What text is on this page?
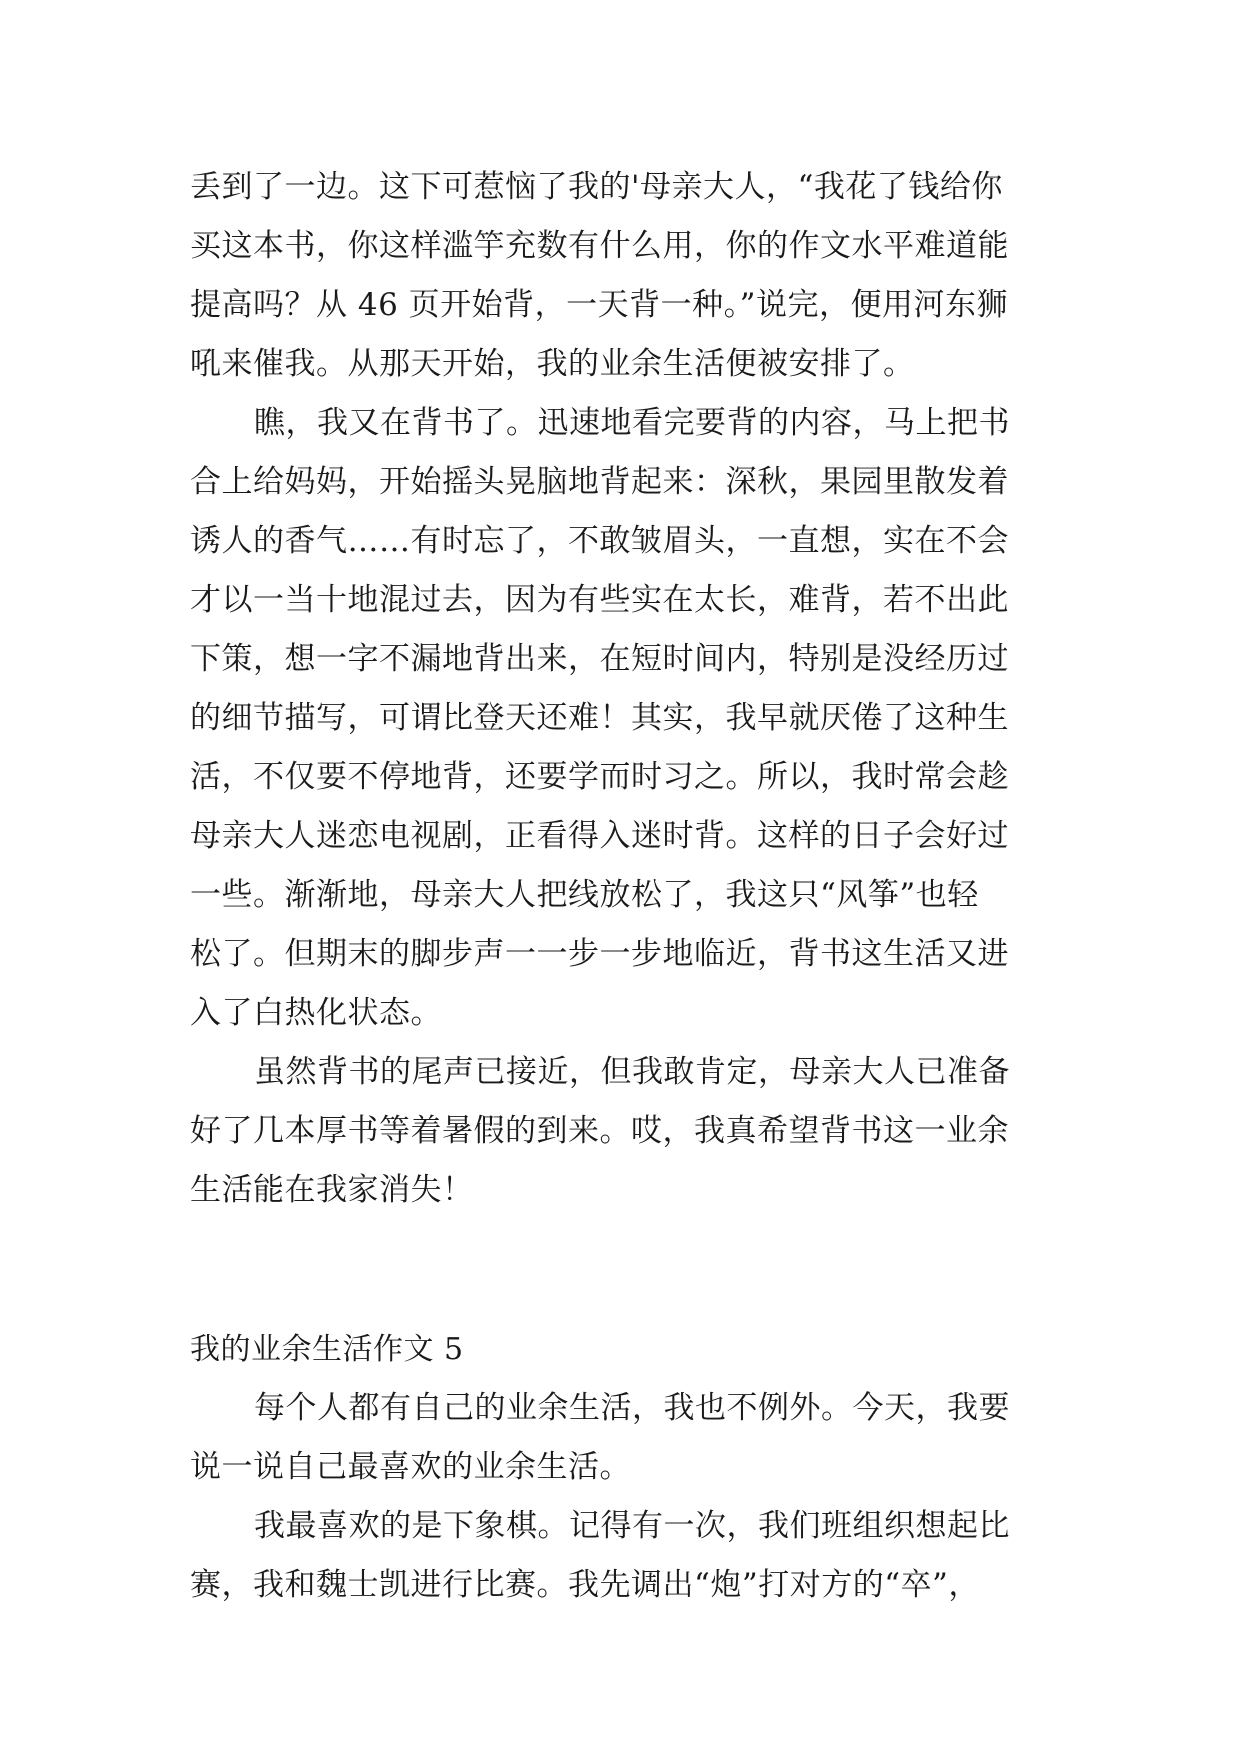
丢到了一边。这下可惹恼了我的'母亲大人，“我花了钱给你
买这本书，你这样滥竽充数有什么用，你的作文水平难道能
提高吗？从 46 页开始背，一天背一种。”说完，便用河东狮
吼来催我。从那天开始，我的业余生活便被安排了。
瞧，我又在背书了。迅速地看完要背的内容，马上把书
合上给妈妈，开始摇头晃脑地背起来：深秋，果园里散发着
诱人的香气……有时忘了，不敢皱眉头，一直想，实在不会
才以一当十地混过去，因为有些实在太长，难背，若不出此
下策，想一字不漏地背出来，在短时间内，特别是没经历过
的细节描写，可谓比登天还难！其实，我早就厌倦了这种生
活，不仅要不停地背，还要学而时习之。所以，我时常会趁
母亲大人迷恋电视剧，正看得入迷时背。这样的日子会好过
一些。渐渐地，母亲大人把线放松了，我这只“风筝”也轻
松了。但期末的脚步声一一步一步地临近，背书这生活又进
入了白热化状态。
虽然背书的尾声已接近，但我敢肯定，母亲大人已准备
好了几本厚书等着暑假的到来。哎，我真希望背书这一业余
生活能在我家消失！
我的业余生活作文 5
每个人都有自己的业余生活，我也不例外。今天，我要
说一说自己最喜欢的业余生活。
我最喜欢的是下象棋。记得有一次，我们班组织想起比
赛，我和魏士凯进行比赛。我先调出“炮”打对方的“卒”，
